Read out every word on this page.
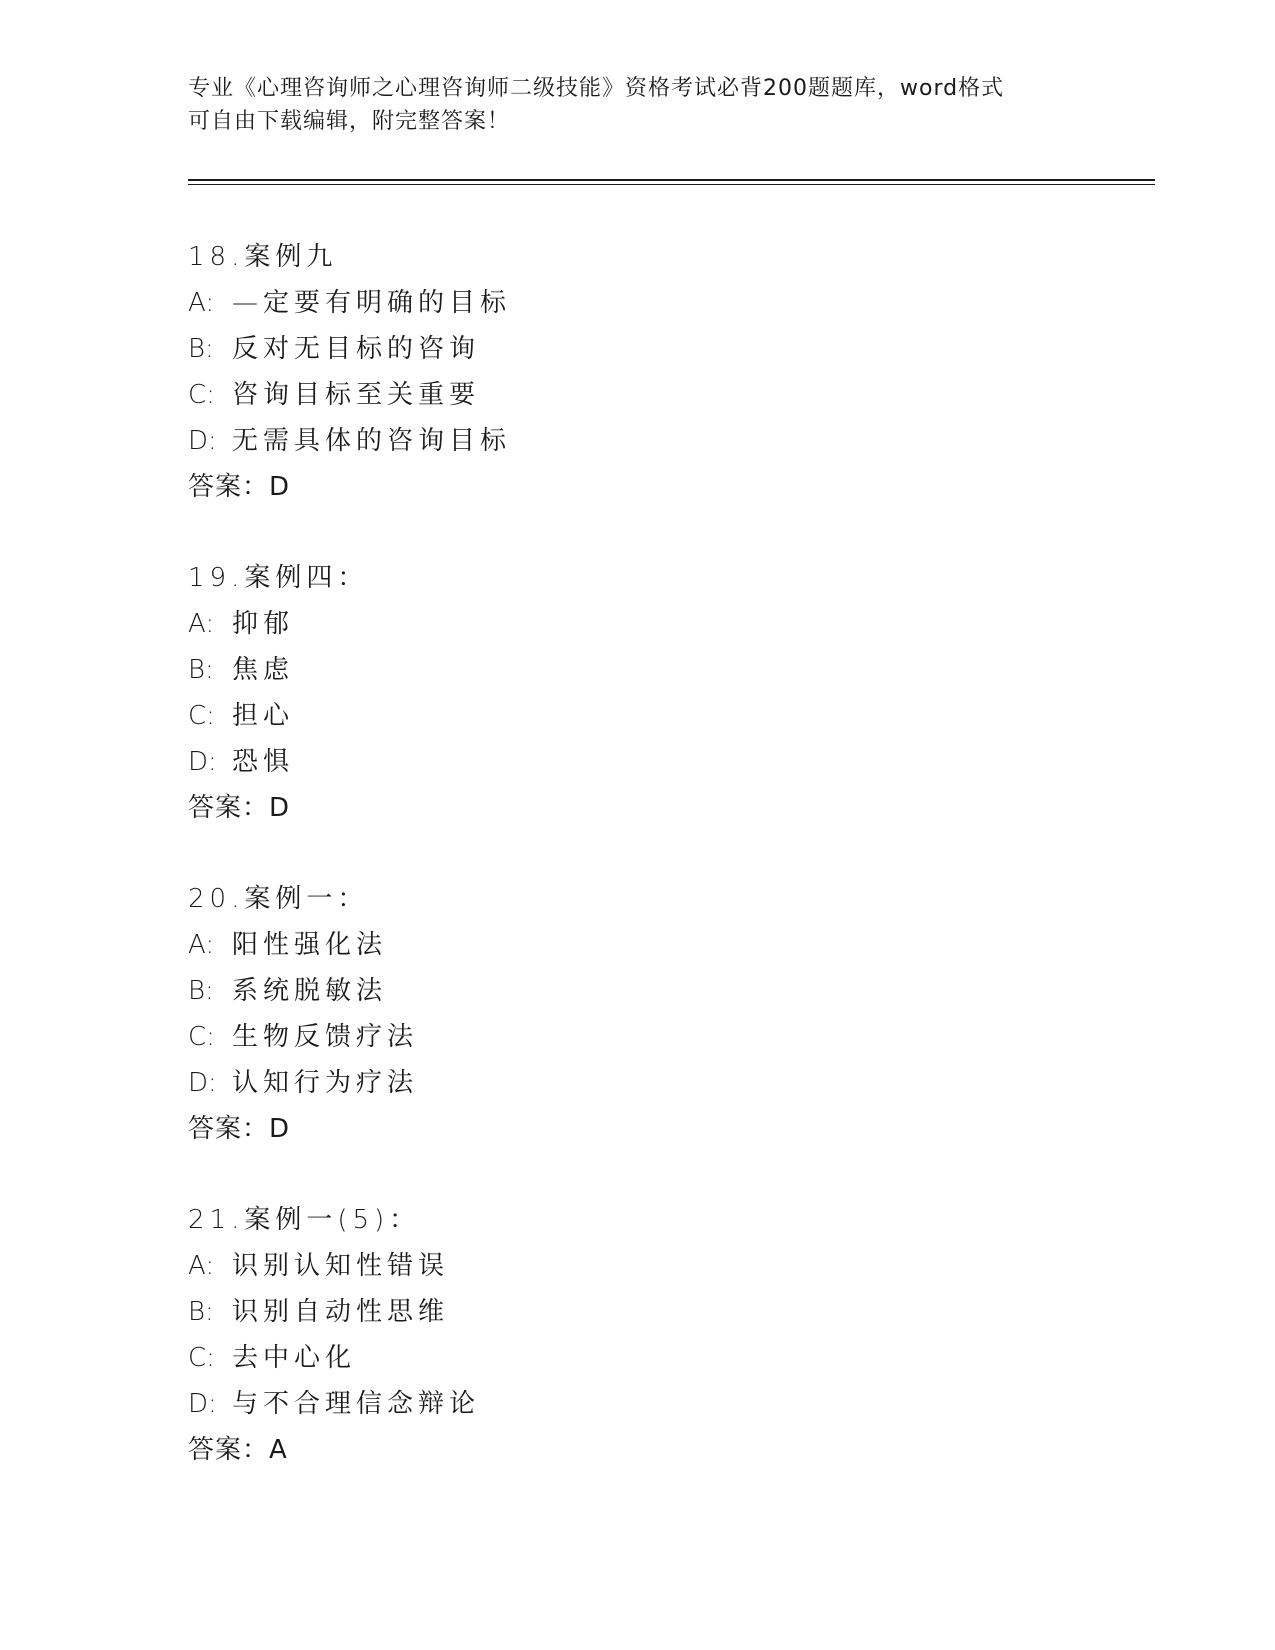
专业《心理咨询师之心理咨询师二级技能》资格考试必背200题题库，word格式
可自由下载编辑，附完整答案！
18.案例九
A: —定要有明确的目标
B: 反对无目标的咨询
C: 咨询目标至关重要
D: 无需具体的咨询目标
答案：D
19.案例四：
A: 抑郁
B: 焦虑
C: 担心
D: 恐惧
答案：D
20.案例一：
A: 阳性强化法
B: 系统脱敏法
C: 生物反馈疗法
D: 认知行为疗法
答案：D
21.案例一(5)：
A: 识别认知性错误
B: 识别自动性思维
C: 去中心化
D: 与不合理信念辩论
答案：A
